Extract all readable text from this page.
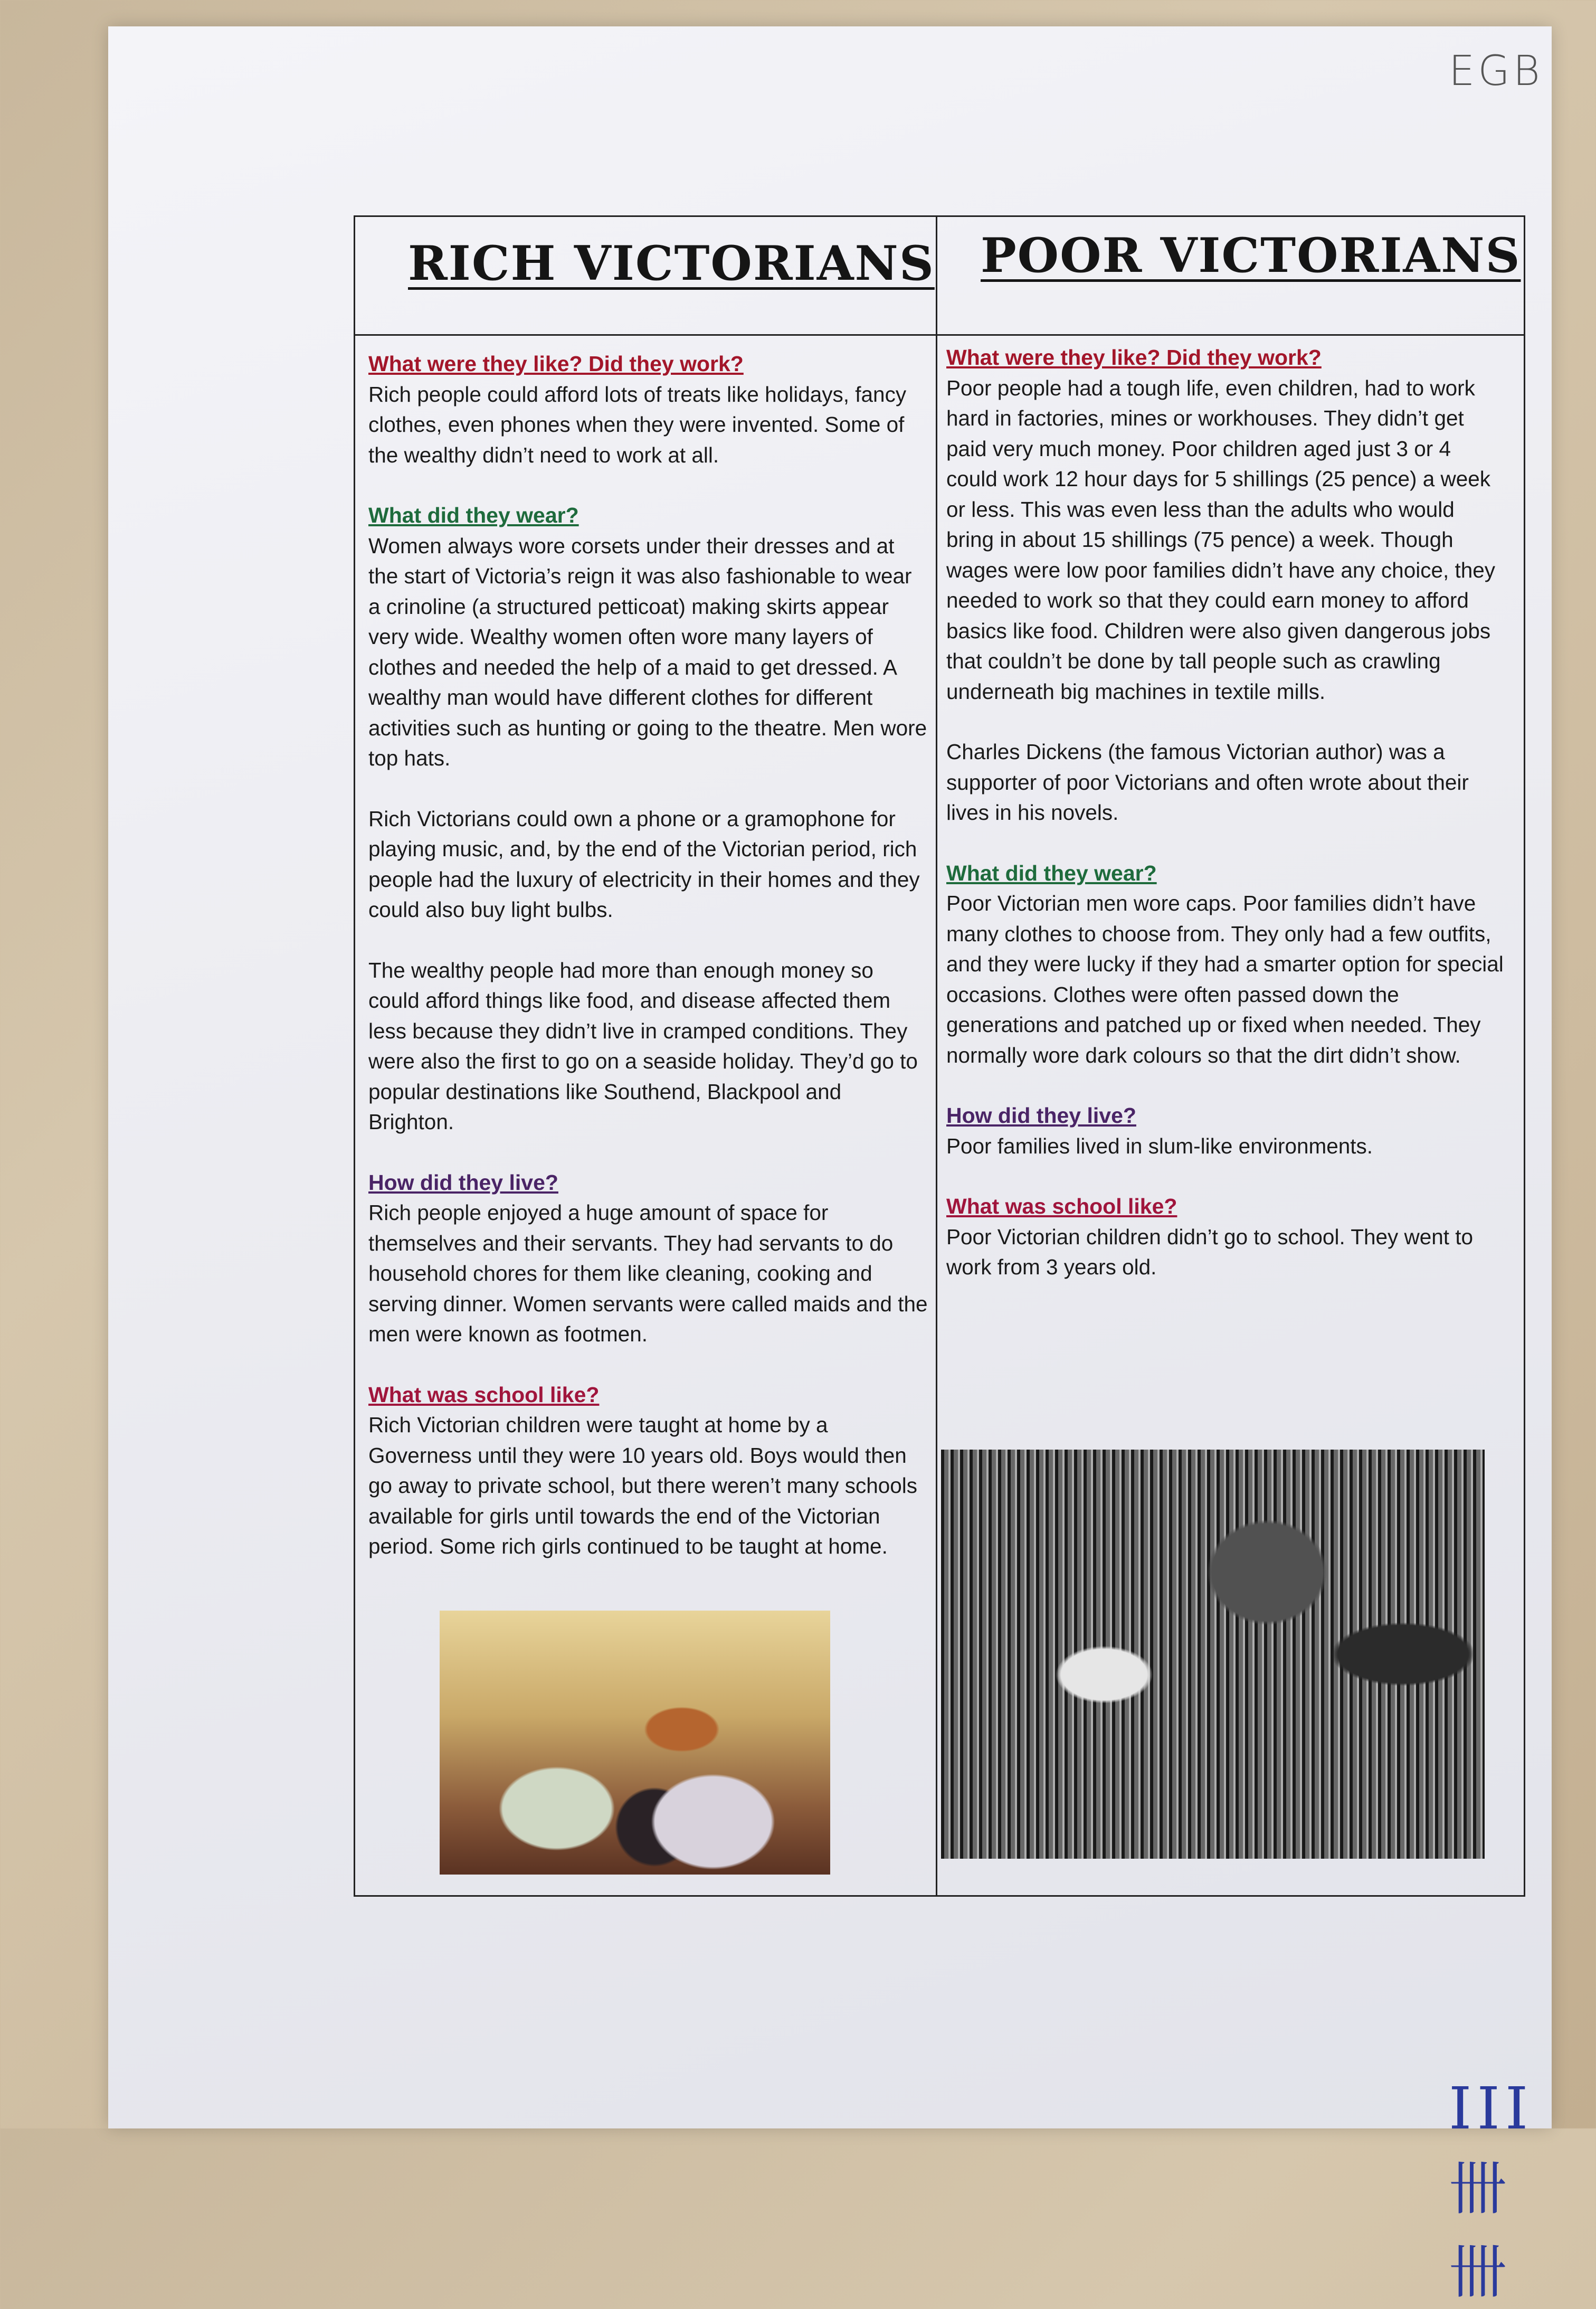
EGB
RICH VICTORIANS POOR VICTORIANS

What were they like? Did they work?

Rich people could afford lots of treats like holidays, fancy clothes, even phones when they were invented. Some of the wealthy didn’t need to work at all.

What did they wear?

Women always wore corsets under their dresses and at the start of Victoria’s reign it was also fashionable to wear a crinoline (a structured petticoat) making skirts appear very wide. Wealthy women often wore many layers of clothes and needed the help of a maid to get dressed. A wealthy man would have different clothes for different activities such as hunting or going to the theatre. Men wore top hats.

Rich Victorians could own a phone or a gramophone for playing music, and, by the end of the Victorian period, rich people had the luxury of electricity in their homes and they could also buy light bulbs.

The wealthy people had more than enough money so could afford things like food, and disease affected them less because they didn’t live in cramped conditions. They were also the first to go on a seaside holiday. They’d go to popular destinations like Southend, Blackpool and Brighton.

How did they live?

Rich people enjoyed a huge amount of space for themselves and their servants. They had servants to do household chores for them like cleaning, cooking and serving dinner. Women servants were called maids and the men were known as footmen.

What was school like?

Rich Victorian children were taught at home by a Governess until they were 10 years old. Boys would then go away to private school, but there weren’t many schools available for girls until towards the end of the Victorian period. Some rich girls continued to be taught at home.

What were they like? Did they work?

Poor people had a tough life, even children, had to work hard in factories, mines or workhouses. They didn’t get paid very much money. Poor children aged just 3 or 4 could work 12 hour days for 5 shillings (25 pence) a week or less. This was even less than the adults who would bring in about 15 shillings (75 pence) a week. Though wages were low poor families didn’t have any choice, they needed to work so that they could earn money to afford basics like food. Children were also given dangerous jobs that couldn’t be done by tall people such as crawling underneath big machines in textile mills.

Charles Dickens (the famous Victorian author) was a supporter of poor Victorians and often wrote about their lives in his novels.

What did they wear?

Poor Victorian men wore caps. Poor families didn’t have many clothes to choose from. They only had a few outfits, and they were lucky if they had a smarter option for special occasions. Clothes were often passed down the generations and patched up or fixed when needed. They normally wore dark colours so that the dirt didn’t show.

How did they live?

Poor families lived in slum-like environments.

What was school like?

Poor Victorian children didn’t go to school. They went to work from 3 years old.

III 卌 卌
